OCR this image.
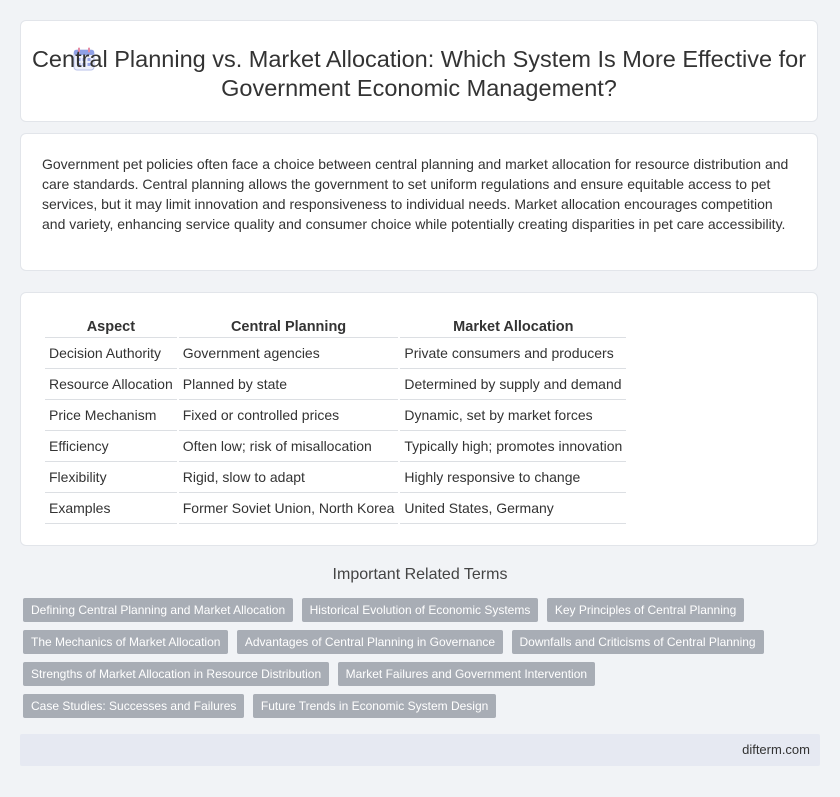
Central Planning vs. Market Allocation: Which System Is More Effective for Government Economic Management?

Government pet policies often face a choice between central planning and market allocation for resource distribution and care standards. Central planning allows the government to set uniform regulations and ensure equitable access to pet services, but it may limit innovation and responsiveness to individual needs. Market allocation encourages competition and variety, enhancing service quality and consumer choice while potentially creating disparities in pet care accessibility.

Aspect	Central Planning	Market Allocation
Decision Authority	Government agencies	Private consumers and producers
Resource Allocation	Planned by state	Determined by supply and demand
Price Mechanism	Fixed or controlled prices	Dynamic, set by market forces
Efficiency	Often low; risk of misallocation	Typically high; promotes innovation
Flexibility	Rigid, slow to adapt	Highly responsive to change
Examples	Former Soviet Union, North Korea	United States, Germany
Important Related Terms
Defining Central Planning and Market Allocation Historical Evolution of Economic Systems Key Principles of Central Planning The Mechanics of Market Allocation Advantages of Central Planning in Governance Downfalls and Criticisms of Central Planning Strengths of Market Allocation in Resource Distribution Market Failures and Government Intervention Case Studies: Successes and Failures Future Trends in Economic System Design
difterm.com
